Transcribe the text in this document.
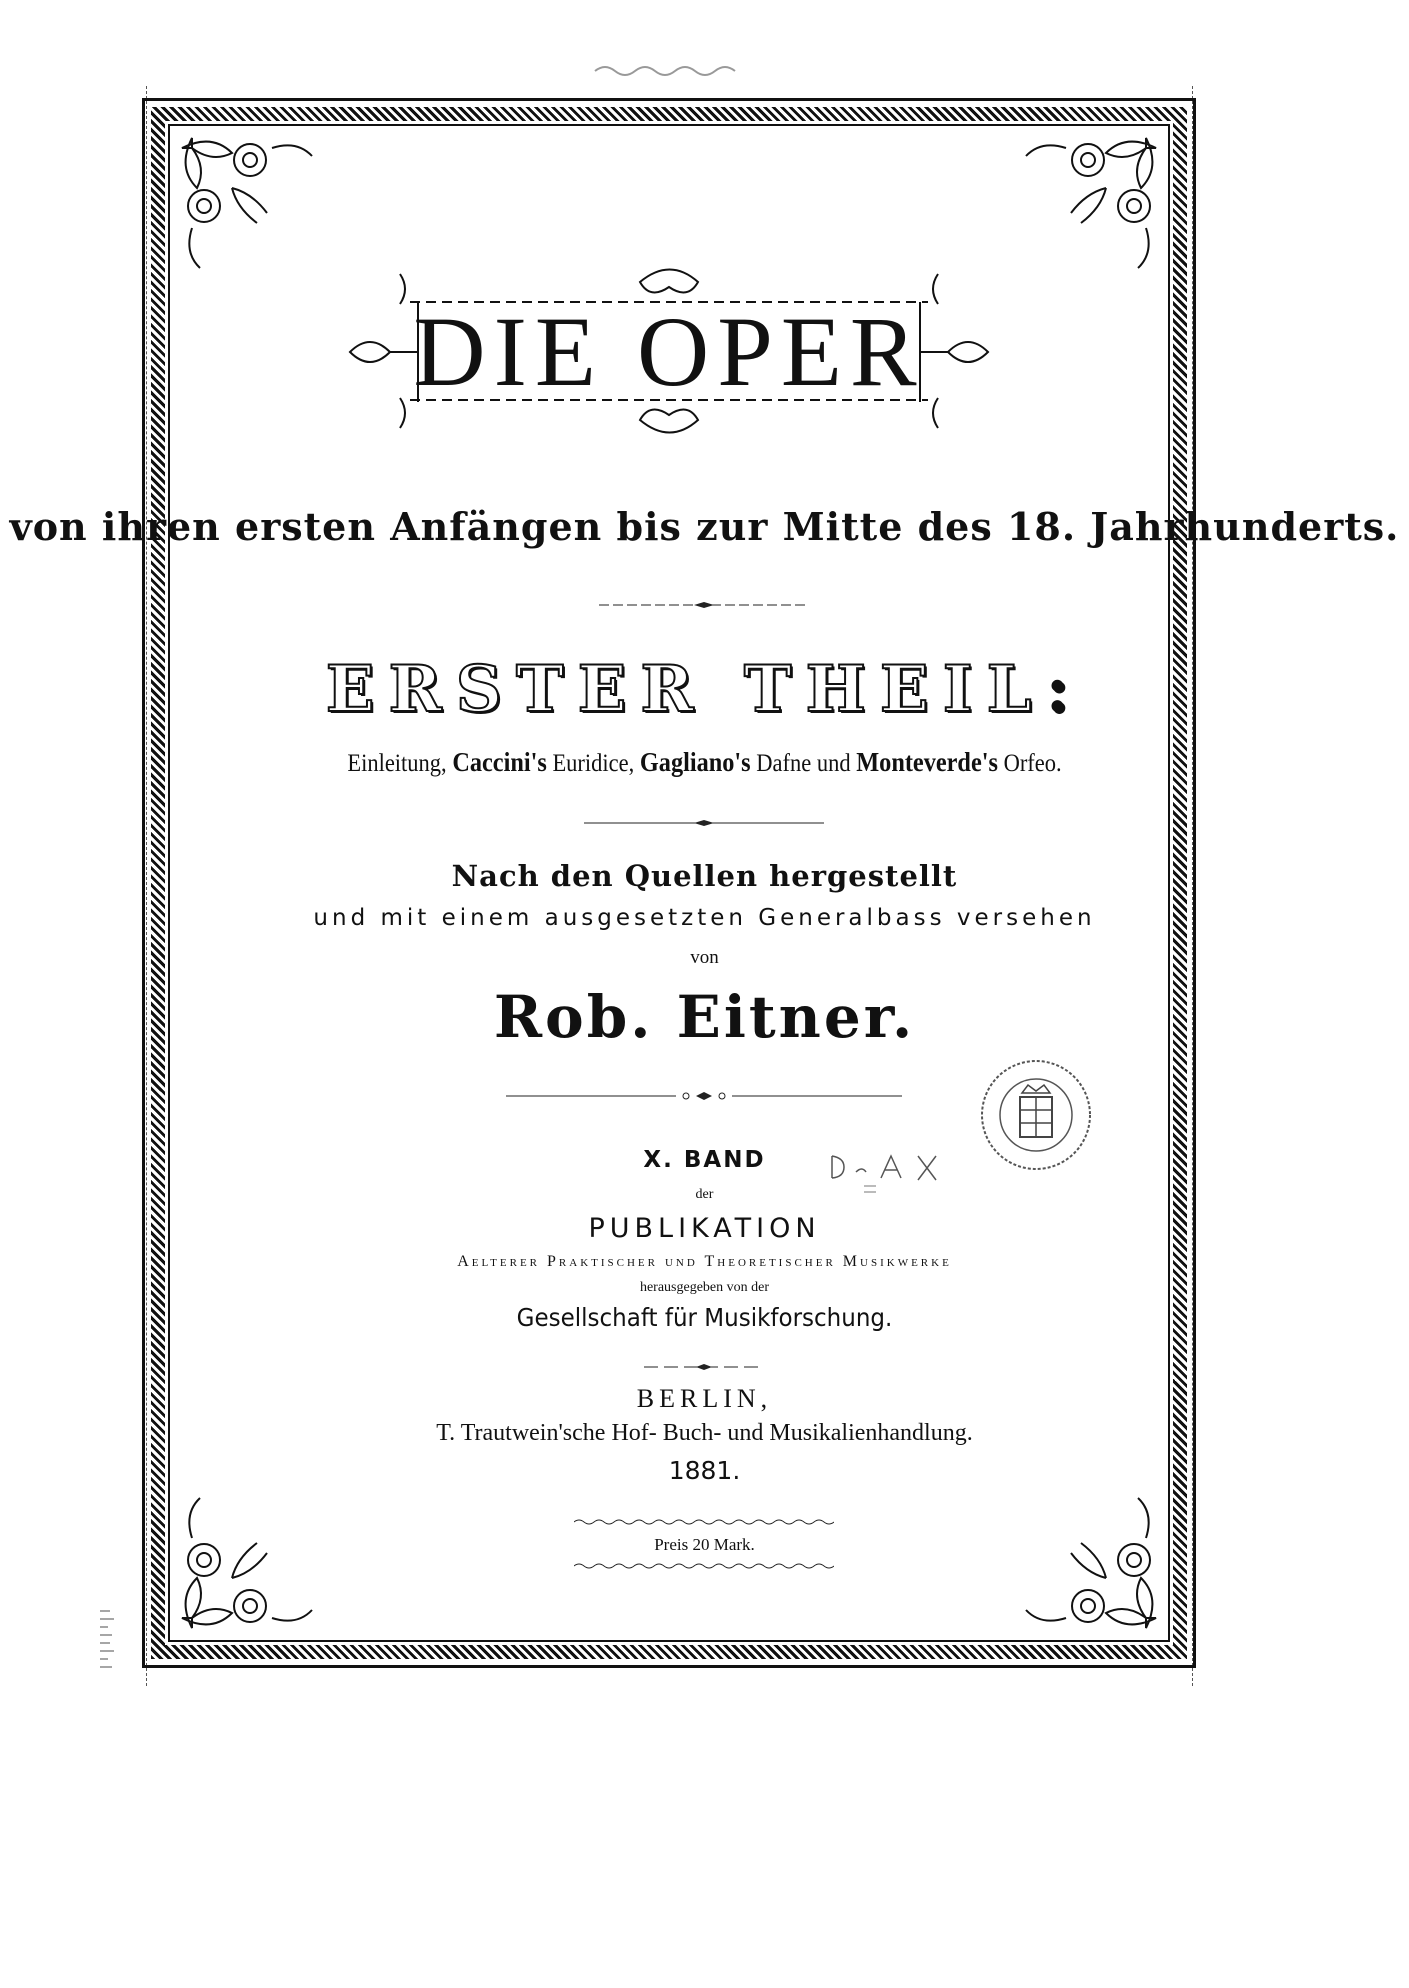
DIE OPER
von ihren ersten Anfängen bis zur Mitte des 18. Jahrhunderts.
ERSTER THEIL:
Einleitung, Caccini's Euridice, Gagliano's Dafne und Monteverde's Orfeo.
Nach den Quellen hergestellt
und mit einem ausgesetzten Generalbass versehen
von
Rob. Eitner.
X. BAND
der
PUBLIKATION
Aelterer Praktischer und Theoretischer Musikwerke
herausgegeben von der
Gesellschaft für Musikforschung.
BERLIN,
T. Trautwein'sche Hof- Buch- und Musikalienhandlung.
1881.
Preis 20 Mark.
